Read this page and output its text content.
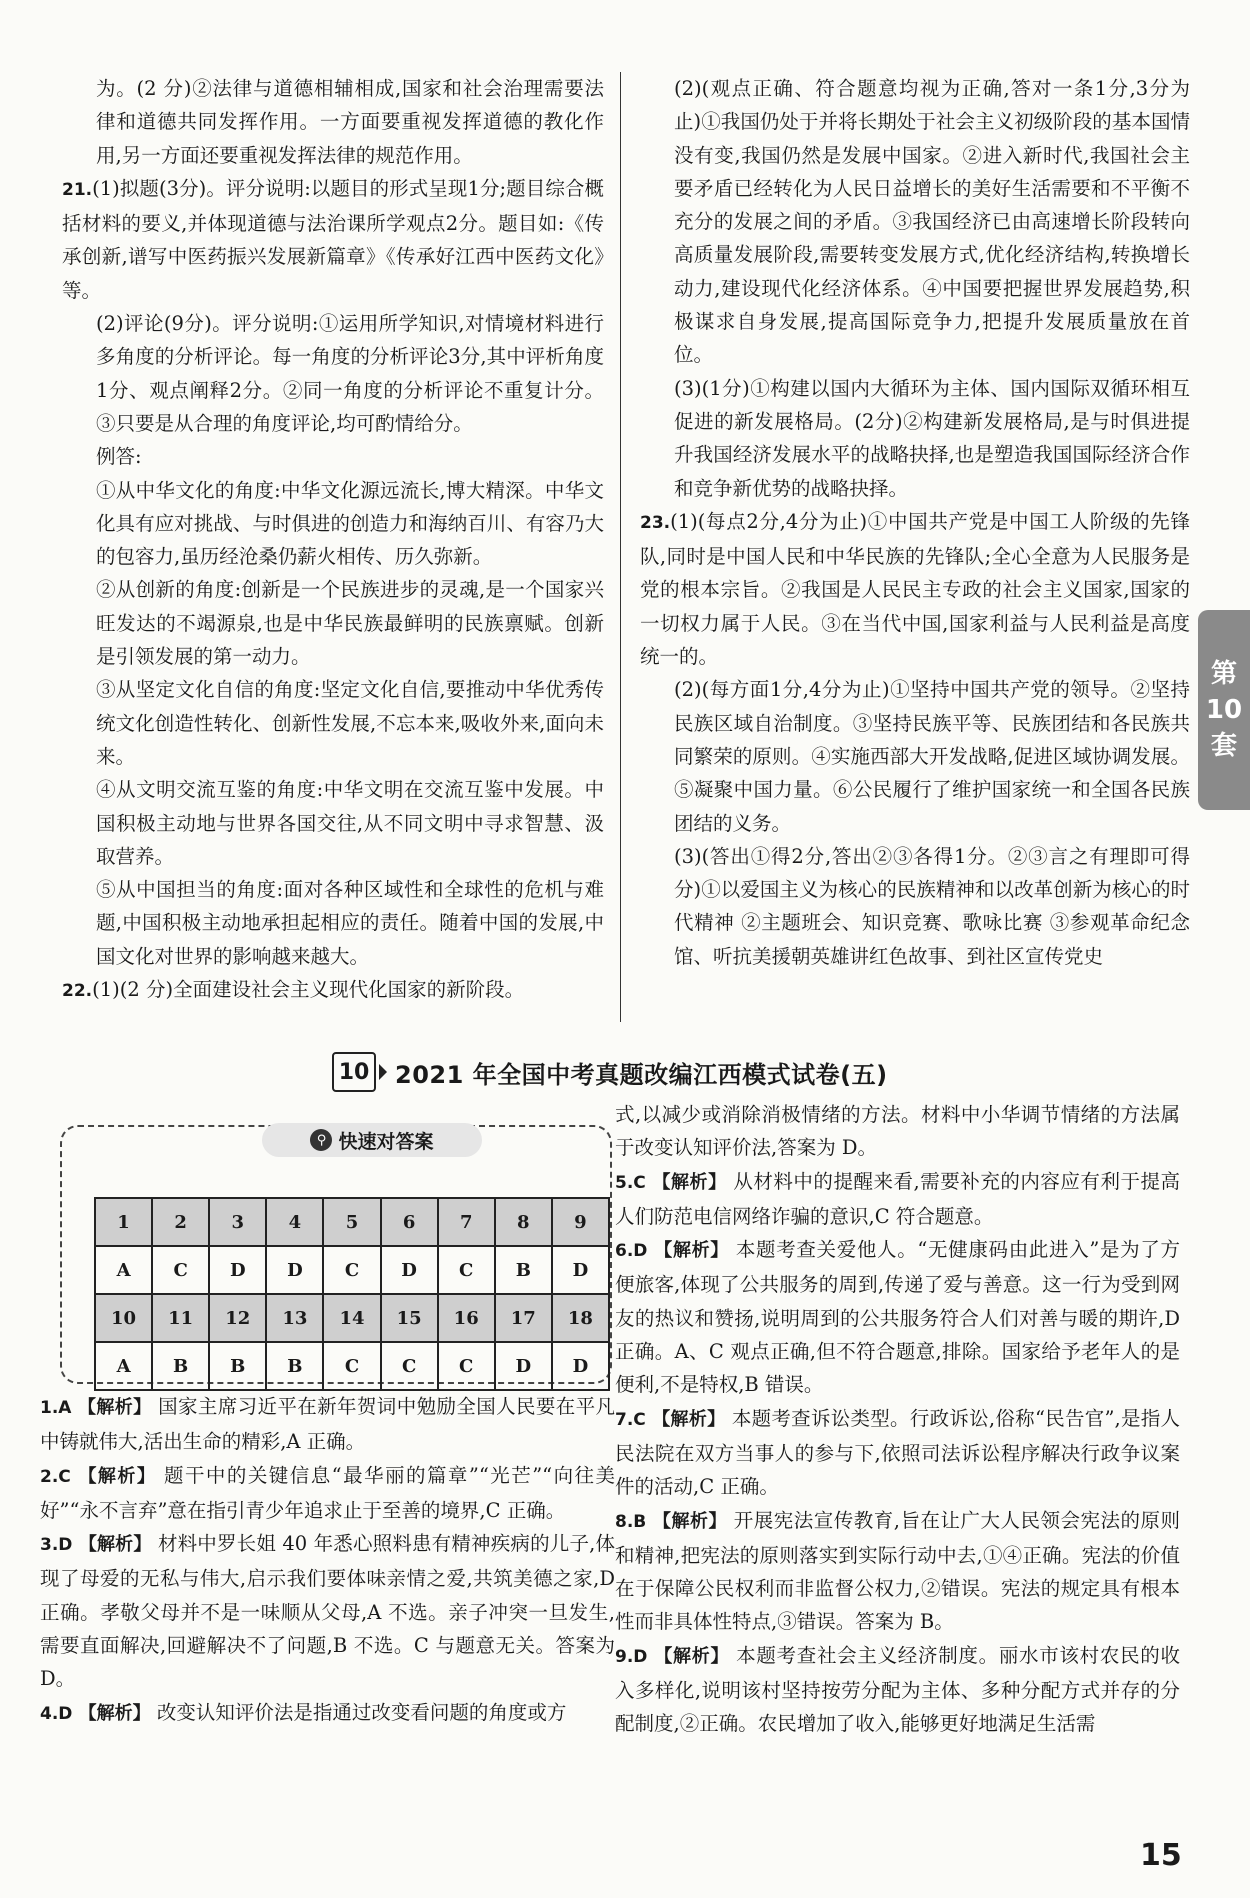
为。(2 分)②法律与道德相辅相成,国家和社会治理需要法律和道德共同发挥作用。一方面要重视发挥道德的教化作用,另一方面还要重视发挥法律的规范作用。

21.(1)拟题(3分)。评分说明:以题目的形式呈现1分;题目综合概括材料的要义,并体现道德与法治课所学观点2分。题目如:《传承创新,谱写中医药振兴发展新篇章》《传承好江西中医药文化》等。

(2)评论(9分)。评分说明:①运用所学知识,对情境材料进行多角度的分析评论。每一角度的分析评论3分,其中评析角度1分、观点阐释2分。②同一角度的分析评论不重复计分。③只要是从合理的角度评论,均可酌情给分。

例答:

①从中华文化的角度:中华文化源远流长,博大精深。中华文化具有应对挑战、与时俱进的创造力和海纳百川、有容乃大的包容力,虽历经沧桑仍薪火相传、历久弥新。

②从创新的角度:创新是一个民族进步的灵魂,是一个国家兴旺发达的不竭源泉,也是中华民族最鲜明的民族禀赋。创新是引领发展的第一动力。

③从坚定文化自信的角度:坚定文化自信,要推动中华优秀传统文化创造性转化、创新性发展,不忘本来,吸收外来,面向未来。

④从文明交流互鉴的角度:中华文明在交流互鉴中发展。中国积极主动地与世界各国交往,从不同文明中寻求智慧、汲取营养。

⑤从中国担当的角度:面对各种区域性和全球性的危机与难题,中国积极主动地承担起相应的责任。随着中国的发展,中国文化对世界的影响越来越大。

22.(1)(2 分)全面建设社会主义现代化国家的新阶段。

(2)(观点正确、符合题意均视为正确,答对一条1分,3分为止)①我国仍处于并将长期处于社会主义初级阶段的基本国情没有变,我国仍然是发展中国家。②进入新时代,我国社会主要矛盾已经转化为人民日益增长的美好生活需要和不平衡不充分的发展之间的矛盾。③我国经济已由高速增长阶段转向高质量发展阶段,需要转变发展方式,优化经济结构,转换增长动力,建设现代化经济体系。④中国要把握世界发展趋势,积极谋求自身发展,提高国际竞争力,把提升发展质量放在首位。

(3)(1分)①构建以国内大循环为主体、国内国际双循环相互促进的新发展格局。(2分)②构建新发展格局,是与时俱进提升我国经济发展水平的战略抉择,也是塑造我国国际经济合作和竞争新优势的战略抉择。

23.(1)(每点2分,4分为止)①中国共产党是中国工人阶级的先锋队,同时是中国人民和中华民族的先锋队;全心全意为人民服务是党的根本宗旨。②我国是人民民主专政的社会主义国家,国家的一切权力属于人民。③在当代中国,国家利益与人民利益是高度统一的。

(2)(每方面1分,4分为止)①坚持中国共产党的领导。②坚持民族区域自治制度。③坚持民族平等、民族团结和各民族共同繁荣的原则。④实施西部大开发战略,促进区域协调发展。⑤凝聚中国力量。⑥公民履行了维护国家统一和全国各民族团结的义务。

(3)(答出①得2分,答出②③各得1分。②③言之有理即可得分)①以爱国主义为核心的民族精神和以改革创新为核心的时代精神 ②主题班会、知识竞赛、歌咏比赛 ③参观革命纪念馆、听抗美援朝英雄讲红色故事、到社区宣传党史

10 2021 年全国中考真题改编江西模式试卷(五)
⚲ 快速对答案
1	2	3	4	5	6	7	8	9
A	C	D	D	C	D	C	B	D
10	11	12	13	14	15	16	17	18
A	B	B	B	C	C	C	D	D

1.A 【解析】 国家主席习近平在新年贺词中勉励全国人民要在平凡中铸就伟大,活出生命的精彩,A 正确。

2.C 【解析】 题干中的关键信息“最华丽的篇章”“光芒”“向往美好”“永不言弃”意在指引青少年追求止于至善的境界,C 正确。

3.D 【解析】 材料中罗长姐 40 年悉心照料患有精神疾病的儿子,体现了母爱的无私与伟大,启示我们要体味亲情之爱,共筑美德之家,D 正确。孝敬父母并不是一味顺从父母,A 不选。亲子冲突一旦发生,需要直面解决,回避解决不了问题,B 不选。C 与题意无关。答案为 D。

4.D 【解析】 改变认知评价法是指通过改变看问题的角度或方

式,以减少或消除消极情绪的方法。材料中小华调节情绪的方法属于改变认知评价法,答案为 D。

5.C 【解析】 从材料中的提醒来看,需要补充的内容应有利于提高人们防范电信网络诈骗的意识,C 符合题意。

6.D 【解析】 本题考查关爱他人。“无健康码由此进入”是为了方便旅客,体现了公共服务的周到,传递了爱与善意。这一行为受到网友的热议和赞扬,说明周到的公共服务符合人们对善与暖的期许,D 正确。A、C 观点正确,但不符合题意,排除。国家给予老年人的是便利,不是特权,B 错误。

7.C 【解析】 本题考查诉讼类型。行政诉讼,俗称“民告官”,是指人民法院在双方当事人的参与下,依照司法诉讼程序解决行政争议案件的活动,C 正确。

8.B 【解析】 开展宪法宣传教育,旨在让广大人民领会宪法的原则和精神,把宪法的原则落实到实际行动中去,①④正确。宪法的价值在于保障公民权利而非监督公权力,②错误。宪法的规定具有根本性而非具体性特点,③错误。答案为 B。

9.D 【解析】 本题考查社会主义经济制度。丽水市该村农民的收入多样化,说明该村坚持按劳分配为主体、多种分配方式并存的分配制度,②正确。农民增加了收入,能够更好地满足生活需

第
10
套
15
